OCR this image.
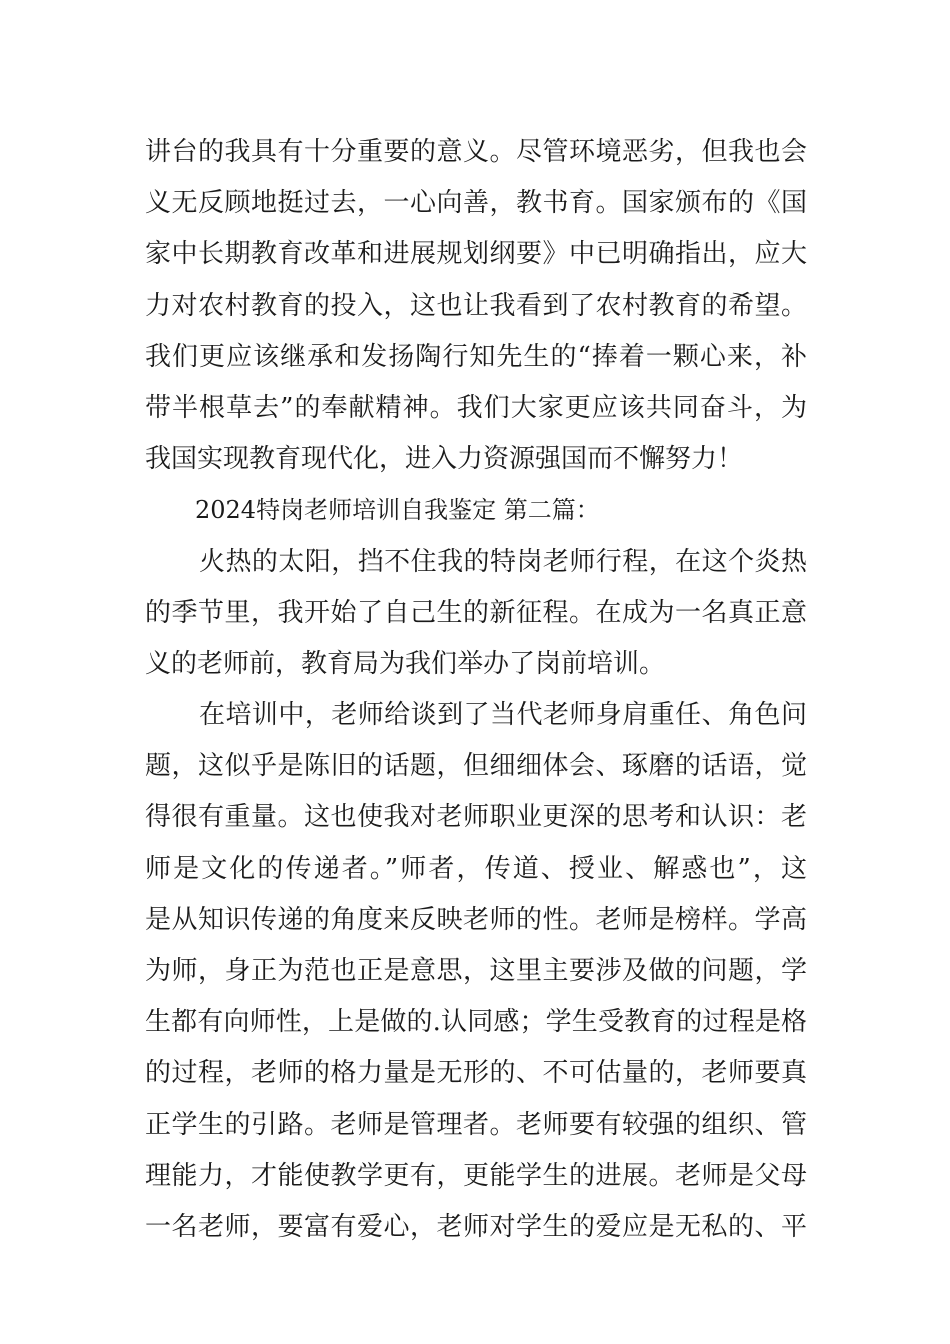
讲台的我具有十分重要的意义。尽管环境恶劣，但我也会
义无反顾地挺过去，一心向善，教书育。国家颁布的《国
家中长期教育改革和进展规划纲要》中已明确指出，应大
力对农村教育的投入，这也让我看到了农村教育的希望。
我们更应该继承和发扬陶行知先生的“捧着一颗心来，补
带半根草去”的奉献精神。我们大家更应该共同奋斗，为
我国实现教育现代化，进入力资源强国而不懈努力！
2024特岗老师培训自我鉴定 第二篇：
火热的太阳，挡不住我的特岗老师行程，在这个炎热
的季节里，我开始了自己生的新征程。在成为一名真正意
义的老师前，教育局为我们举办了岗前培训。
在培训中，老师给谈到了当代老师身肩重任、角色问
题，这似乎是陈旧的话题，但细细体会、琢磨的话语，觉
得很有重量。这也使我对老师职业更深的思考和认识：老
师是文化的传递者。”师者，传道、授业、解惑也”，这
是从知识传递的角度来反映老师的性。老师是榜样。学高
为师，身正为范也正是意思，这里主要涉及做的问题，学
生都有向师性，上是做的.认同感；学生受教育的过程是格
的过程，老师的格力量是无形的、不可估量的，老师要真
正学生的引路。老师是管理者。老师要有较强的组织、管
理能力，才能使教学更有，更能学生的进展。老师是父母
一名老师，要富有爱心，老师对学生的爱应是无私的、平
